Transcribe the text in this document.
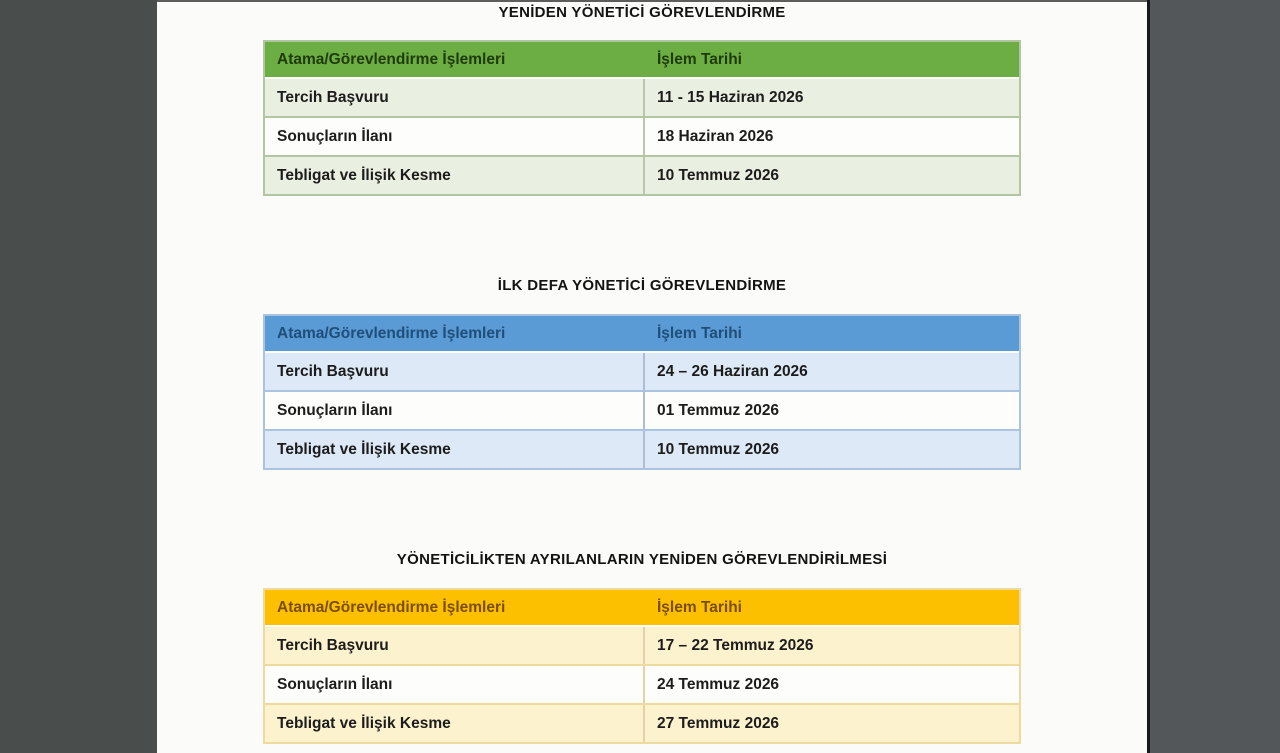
YENİDEN YÖNETİCİ GÖREVLENDİRME
Atama/Görevlendirme İşlemleri	İşlem Tarihi
Tercih Başvuru	11 - 15 Haziran 2026
Sonuçların İlanı	18 Haziran 2026
Tebligat ve İlişik Kesme	10 Temmuz 2026
İLK DEFA YÖNETİCİ GÖREVLENDİRME
Atama/Görevlendirme İşlemleri	İşlem Tarihi
Tercih Başvuru	24 – 26 Haziran 2026
Sonuçların İlanı	01 Temmuz 2026
Tebligat ve İlişik Kesme	10 Temmuz 2026
YÖNETİCİLİKTEN AYRILANLARIN YENİDEN GÖREVLENDİRİLMESİ
Atama/Görevlendirme İşlemleri	İşlem Tarihi
Tercih Başvuru	17 – 22 Temmuz 2026
Sonuçların İlanı	24 Temmuz 2026
Tebligat ve İlişik Kesme	27 Temmuz 2026
